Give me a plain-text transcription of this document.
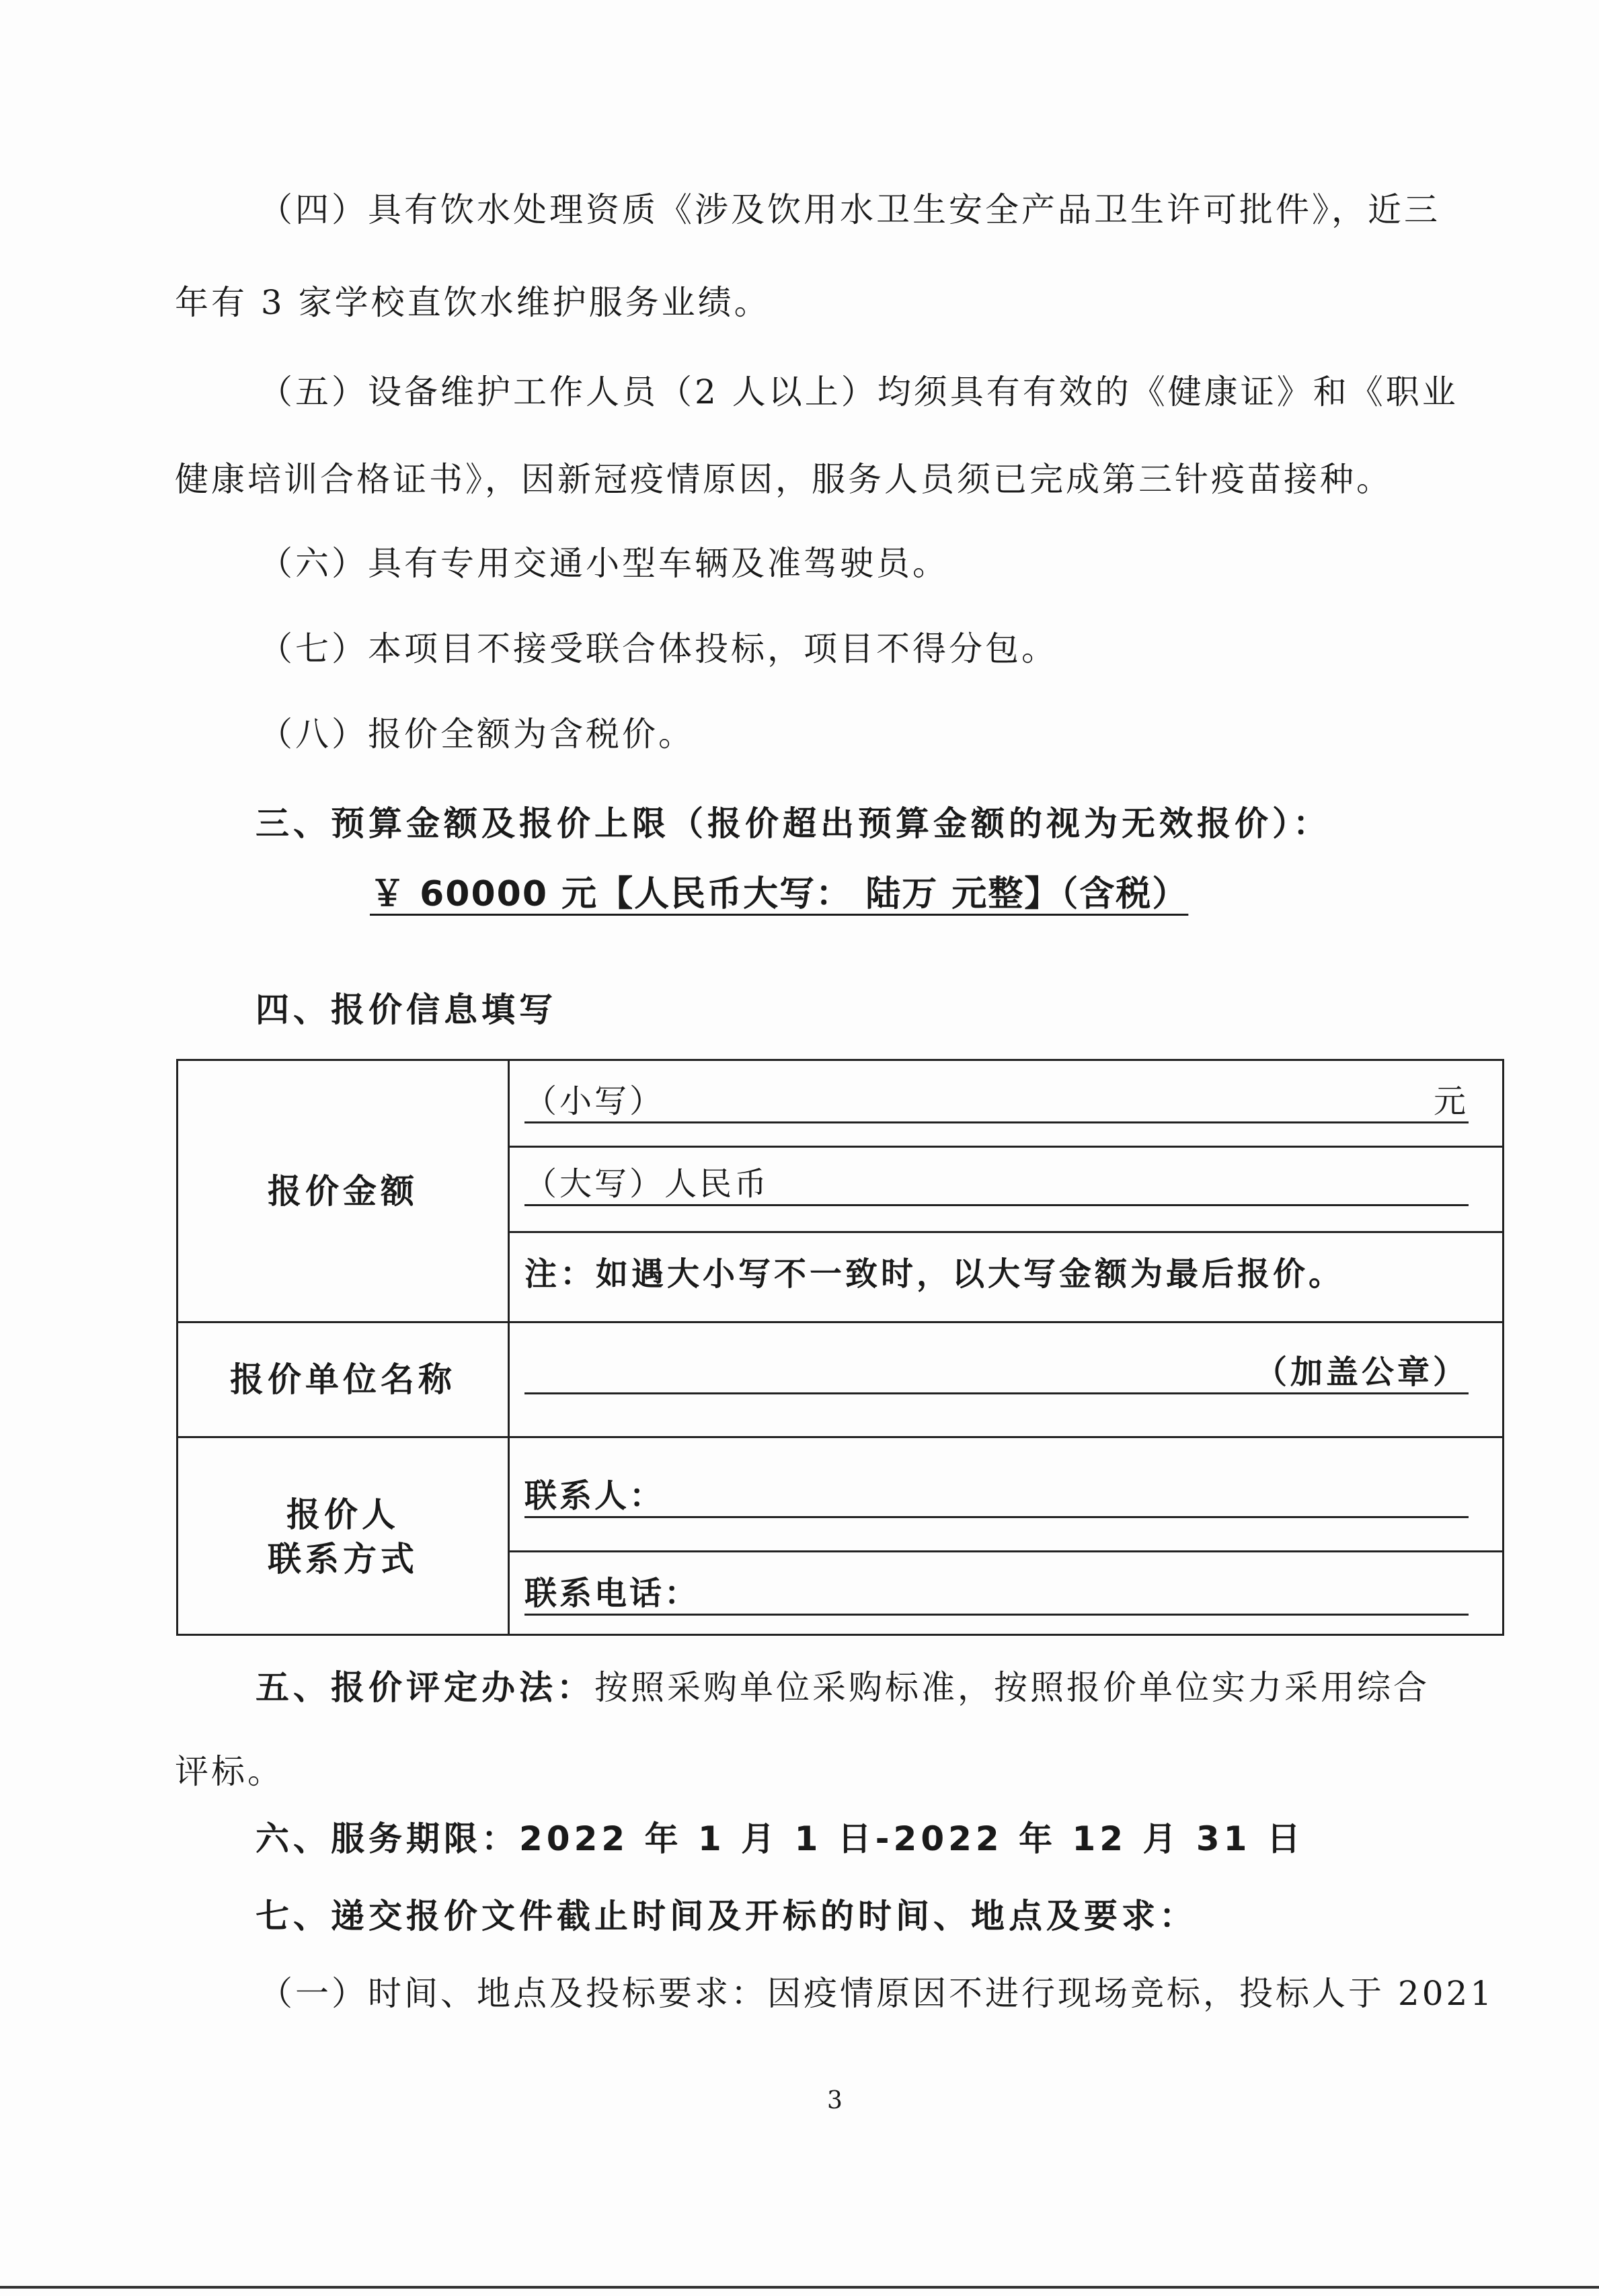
（四）具有饮水处理资质《涉及饮用水卫生安全产品卫生许可批件》，近三
年有 3 家学校直饮水维护服务业绩。
（五）设备维护工作人员（2 人以上）均须具有有效的《健康证》和《职业
健康培训合格证书》，因新冠疫情原因，服务人员须已完成第三针疫苗接种。
（六）具有专用交通小型车辆及准驾驶员。
（七）本项目不接受联合体投标，项目不得分包。
（八）报价全额为含税价。
三、预算金额及报价上限（报价超出预算金额的视为无效报价）：
￥ 60000 元【人民币大写： 陆万 元整】（含税）
四、报价信息填写
报价金额
（小写）	元
（大写）人民币
注：如遇大小写不一致时，以大写金额为最后报价。
报价单位名称	（加盖公章）
报价人
联系方式
联系人：
联系电话：
五、报价评定办法：按照采购单位采购标准，按照报价单位实力采用综合
评标。
六、服务期限：2022 年 1 月 1 日-2022 年 12 月 31 日
七、递交报价文件截止时间及开标的时间、地点及要求：
（一）时间、地点及投标要求：因疫情原因不进行现场竞标，投标人于 2021
3
